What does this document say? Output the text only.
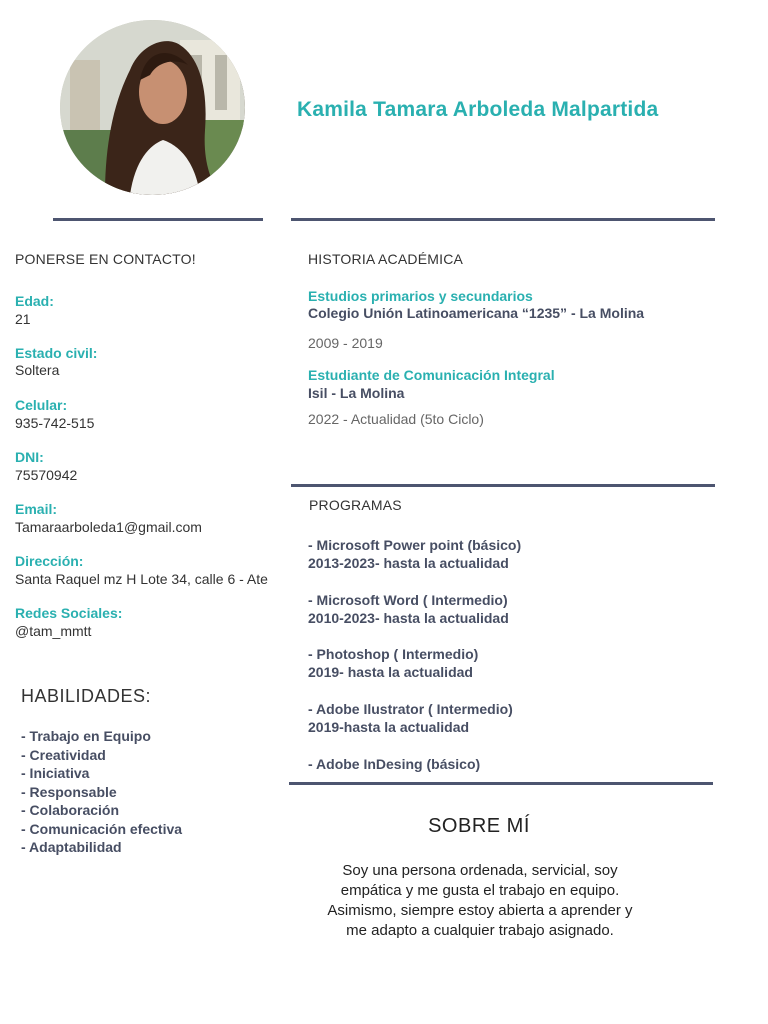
Kamila Tamara Arboleda Malpartida
PONERSE EN CONTACTO!
Edad:
21
Estado civil:
Soltera
Celular:
935-742-515
DNI:
75570942
Email:
Tamaraarboleda1@gmail.com
Dirección:
Santa Raquel mz H Lote 34, calle 6 - Ate
Redes Sociales:
@tam_mmtt
HABILIDADES:
- Trabajo en Equipo
- Creatividad
- Iniciativa
- Responsable
- Colaboración
- Comunicación efectiva
- Adaptabilidad
HISTORIA ACADÉMICA
Estudios primarios y secundarios
Colegio Unión Latinoamericana “1235” - La Molina
2009 - 2019
Estudiante de Comunicación Integral
Isil - La Molina
2022 - Actualidad (5to Ciclo)
PROGRAMAS
- Microsoft Power point (básico)
2013-2023- hasta la actualidad
- Microsoft Word ( Intermedio)
2010-2023- hasta la actualidad
- Photoshop ( Intermedio)
2019- hasta la actualidad
- Adobe Ilustrator ( Intermedio)
2019-hasta la actualidad
- Adobe InDesing (básico)
SOBRE MÍ
Soy una persona ordenada, servicial, soy
empática y me gusta el trabajo en equipo.
Asimismo, siempre estoy abierta a aprender y
me adapto a cualquier trabajo asignado.
